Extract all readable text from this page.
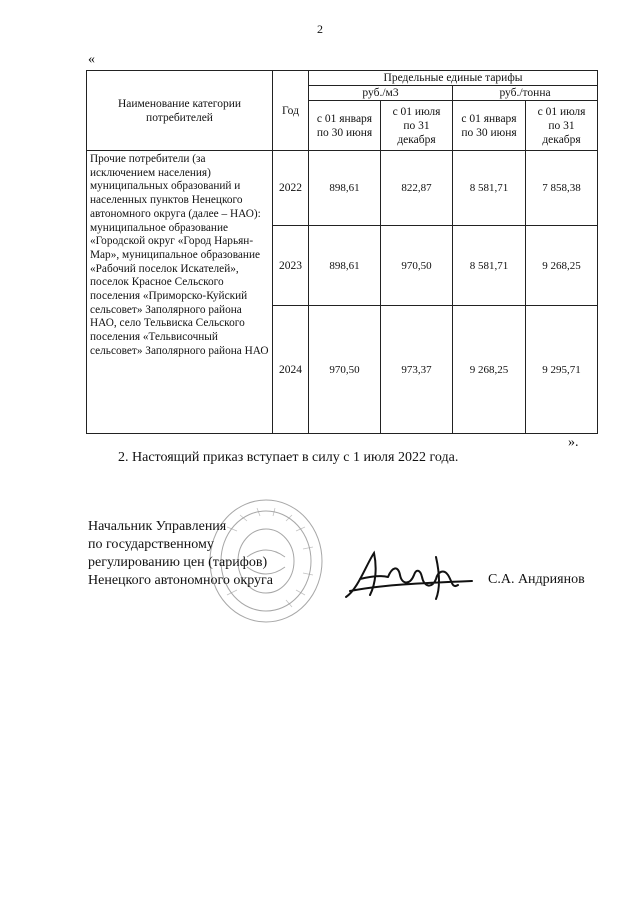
2
«
Наименование категории потребителей	Год	Предельные единые тарифы			
		руб./м3		руб./тонна	
		с 01 января по 30 июня	с 01 июля по 31 декабря	с 01 января по 30 июня	с 01 июля по 31 декабря
Прочие потребители (за исключением населения) муниципальных образований и населенных пунктов Ненецкого автономного округа (далее – НАО): муниципальное образование «Городской округ «Город Нарьян-Мар», муниципальное образование «Рабочий поселок Искателей», поселок Красное Сельского поселения «Приморско-Куйский сельсовет» Заполярного района НАО, село Тельвиска Сельского поселения «Тельвисочный сельсовет» Заполярного района НАО	2022	898,61	822,87	8 581,71	7 858,38
	2023	898,61	970,50	8 581,71	9 268,25
	2024	970,50	973,37	9 268,25	9 295,71
».
2. Настоящий приказ вступает в силу с 1 июля 2022 года.
Начальник Управления
по государственному
регулированию цен (тарифов)
Ненецкого автономного округа	С.А. Андриянов
